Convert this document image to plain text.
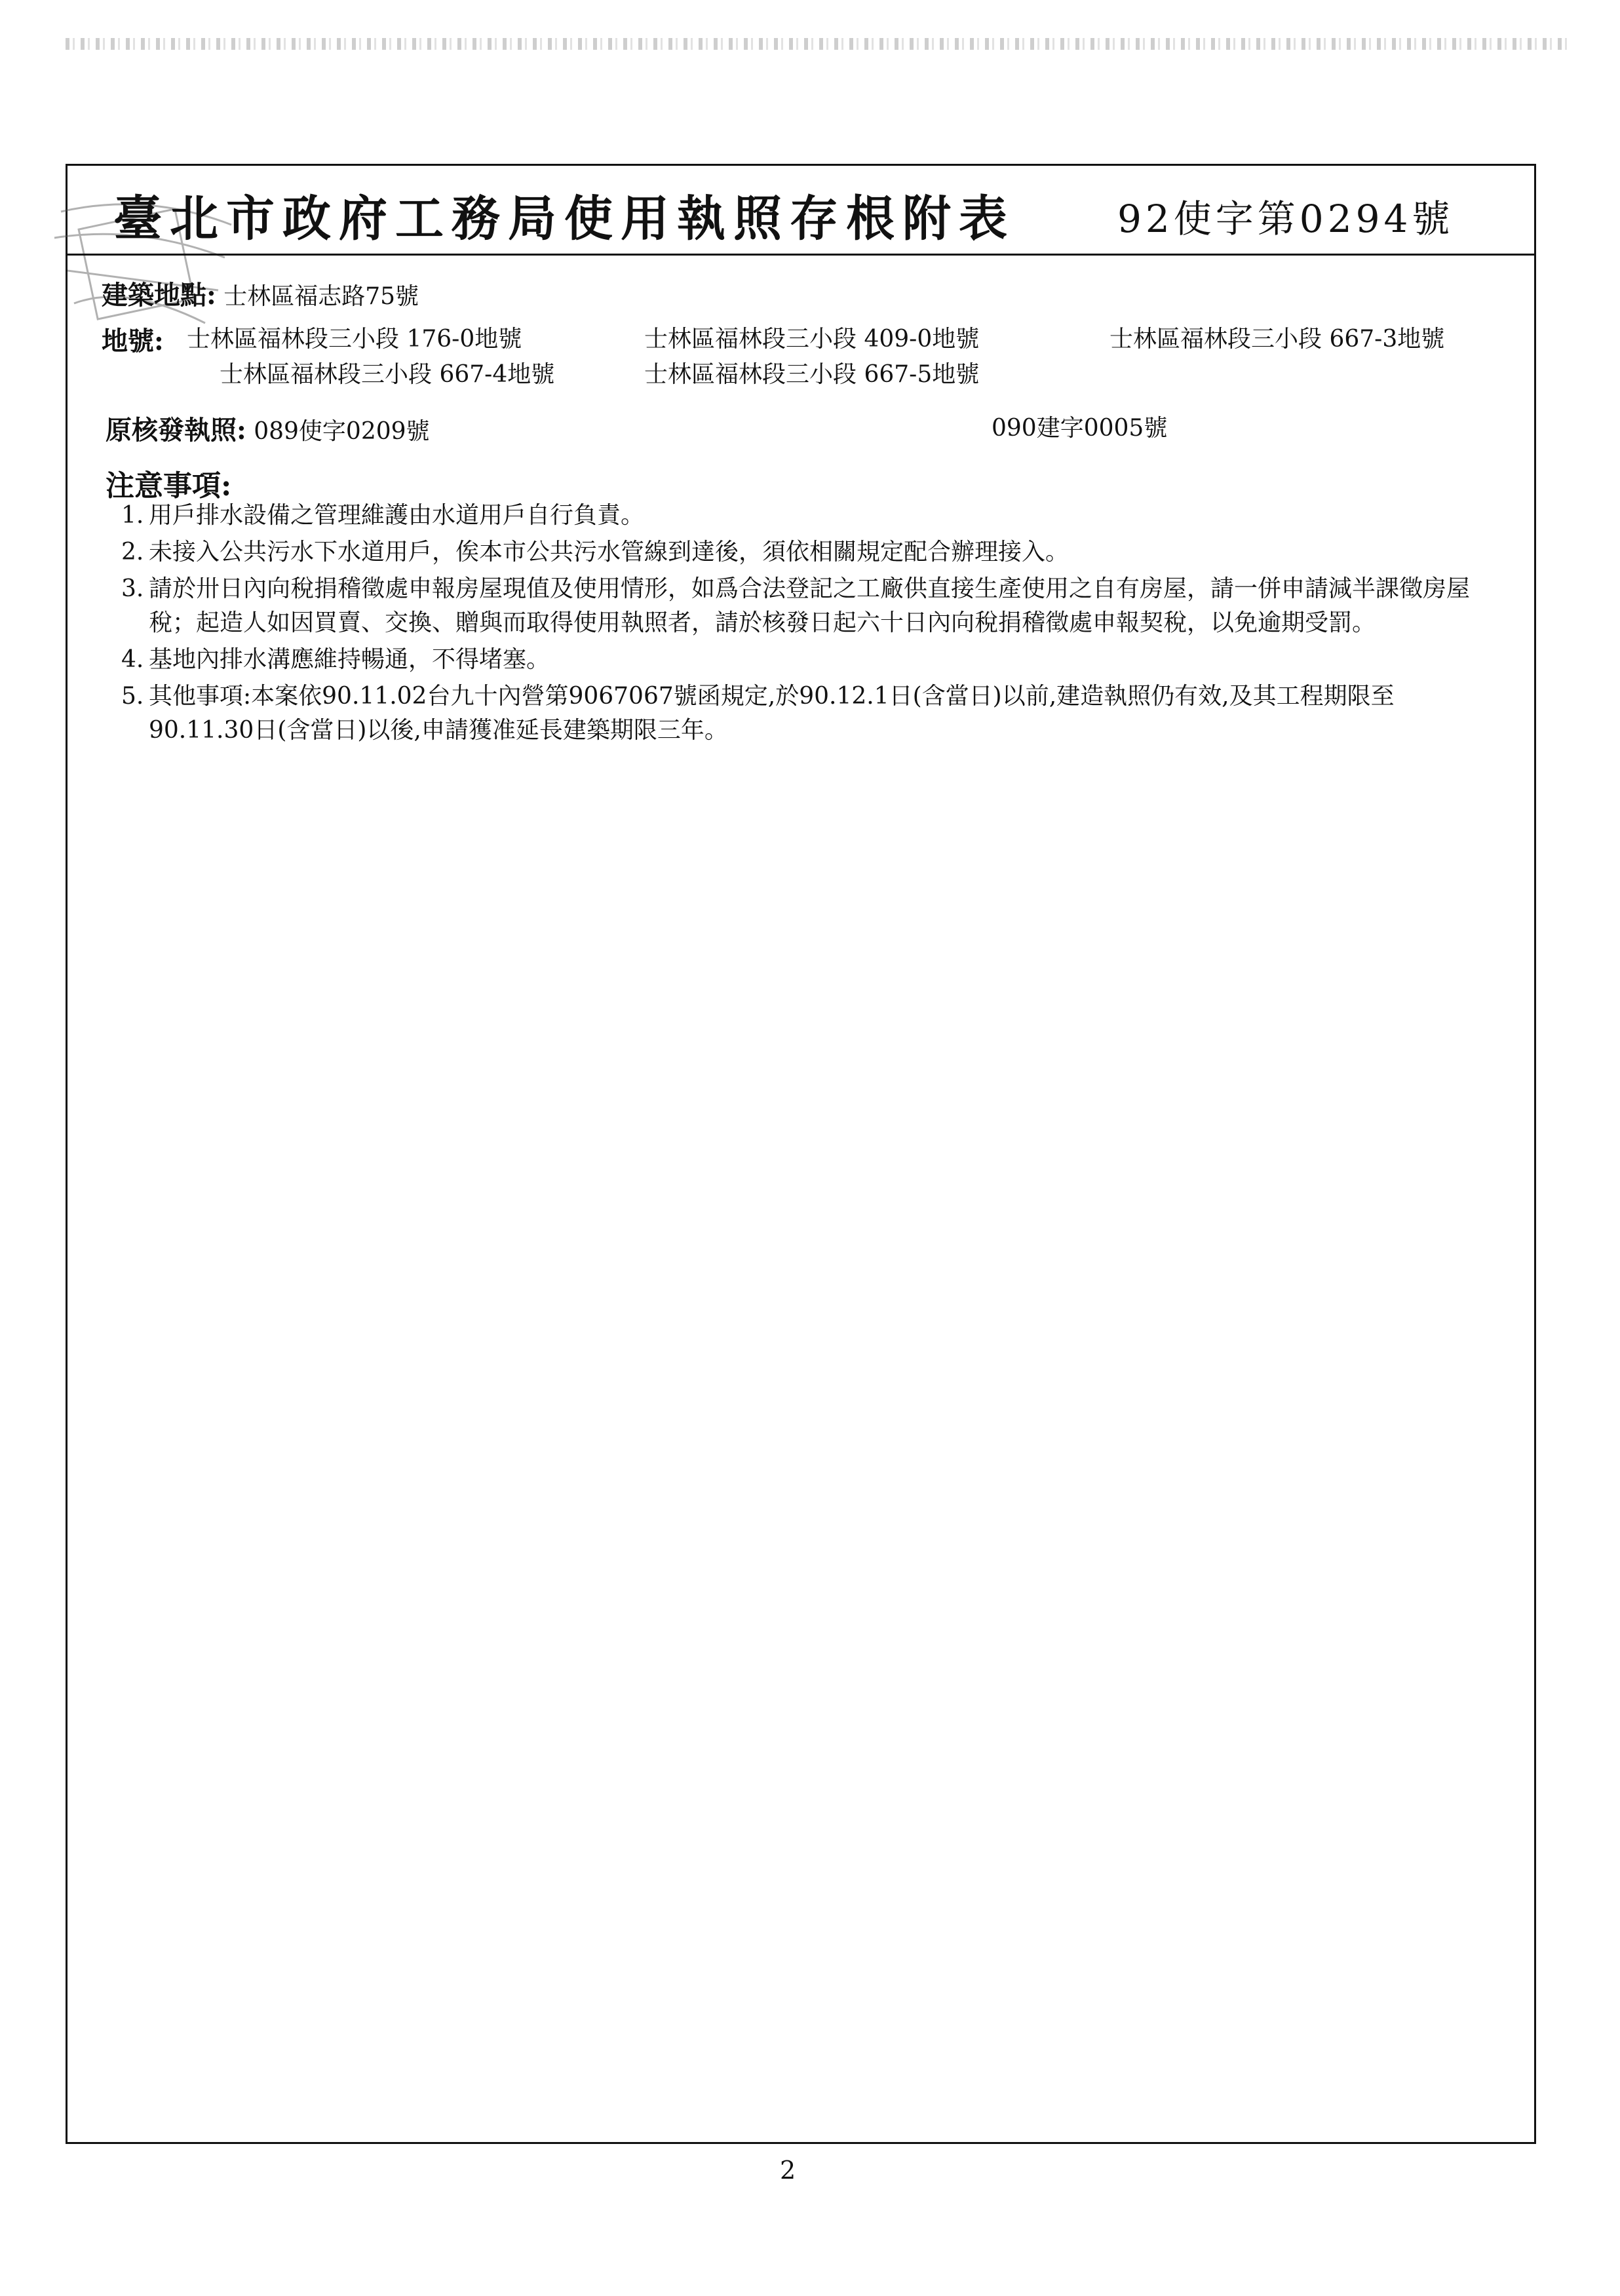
臺北市政府工務局使用執照存根附表	92使字第0294號
建築地點: 士林區福志路75號
地號: 士林區福林段三小段 176-0地號	士林區福林段三小段 409-0地號	士林區福林段三小段 667-3地號
士林區福林段三小段 667-4地號	士林區福林段三小段 667-5地號
原核發執照: 089使字0209號	090建字0005號
注意事項:
1. 用戶排水設備之管理維護由水道用戶自行負責。
2. 未接入公共污水下水道用戶，俟本市公共污水管線到達後，須依相關規定配合辦理接入。
3. 請於卅日內向稅捐稽徵處申報房屋現值及使用情形，如爲合法登記之工廠供直接生產使用之自有房屋，請一併申請減半課徵房屋稅；起造人如因買賣、交換、贈與而取得使用執照者，請於核發日起六十日內向稅捐稽徵處申報契稅，以免逾期受罰。
4. 基地內排水溝應維持暢通，不得堵塞。
5. 其他事項:本案依90.11.02台九十內營第9067067號函規定,於90.12.1日(含當日)以前,建造執照仍有效,及其工程期限至90.11.30日(含當日)以後,申請獲准延長建築期限三年。
2
